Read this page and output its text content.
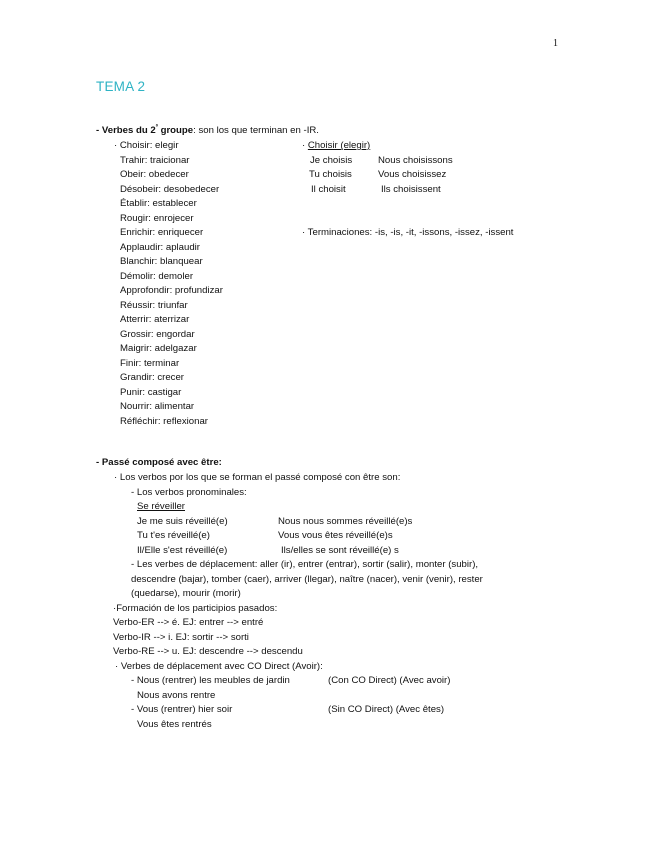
1
TEMA 2
- Verbes du $2^º$ groupe: son los que terminan en -IR.
· Choisir: elegir
Trahir: traicionar
Obeir: obedecer
Désobeir: desobedecer
Établir: establecer
Rougir: enrojecer
Enrichir: enriquecer
Applaudir: aplaudir
Blanchir: blanquear
Démolir: demoler
Approfondir: profundizar
Réussir: triunfar
Atterrir: aterrizar
Grossir: engordar
Maigrir: adelgazar
Finir: terminar
Grandir: crecer
Punir: castigar
Nourrir: alimentar
Réfléchir: reflexionar
· Choisir (elegir)
Je choisis	Nous choisissons
Tu choisis	Vous choisissez
Il choisit	Ils choisissent
· Terminaciones: -is, -is, -it, -issons, -issez, -issent
- Passé composé avec être:
· Los verbos por los que se forman el passé composé con être son:
- Los verbos pronominales:
Se réveiller
Je me suis réveillé(e)	Nous nous sommes réveillé(e)s
Tu t'es réveillé(e)	Vous vous êtes réveillé(e)s
Il/Elle s'est réveillé(e)	Ils/elles se sont réveillé(e) s
- Les verbes de déplacement: aller (ir), entrer (entrar), sortir (salir), monter (subir),
descendre (bajar), tomber (caer), arriver (llegar), naître (nacer), venir (venir), rester
(quedarse), mourir (morir)
·Formación de los participios pasados:
Verbo-ER --> é. EJ: entrer --> entré
Verbo-IR --> i. EJ: sortir --> sorti
Verbo-RE --> u. EJ: descendre --> descendu
· Verbes de déplacement avec CO Direct (Avoir):
- Nous (rentrer) les meubles de jardin	(Con CO Direct) (Avec avoir)
Nous avons rentre
- Vous (rentrer) hier soir	(Sin CO Direct) (Avec êtes)
Vous êtes rentrés
